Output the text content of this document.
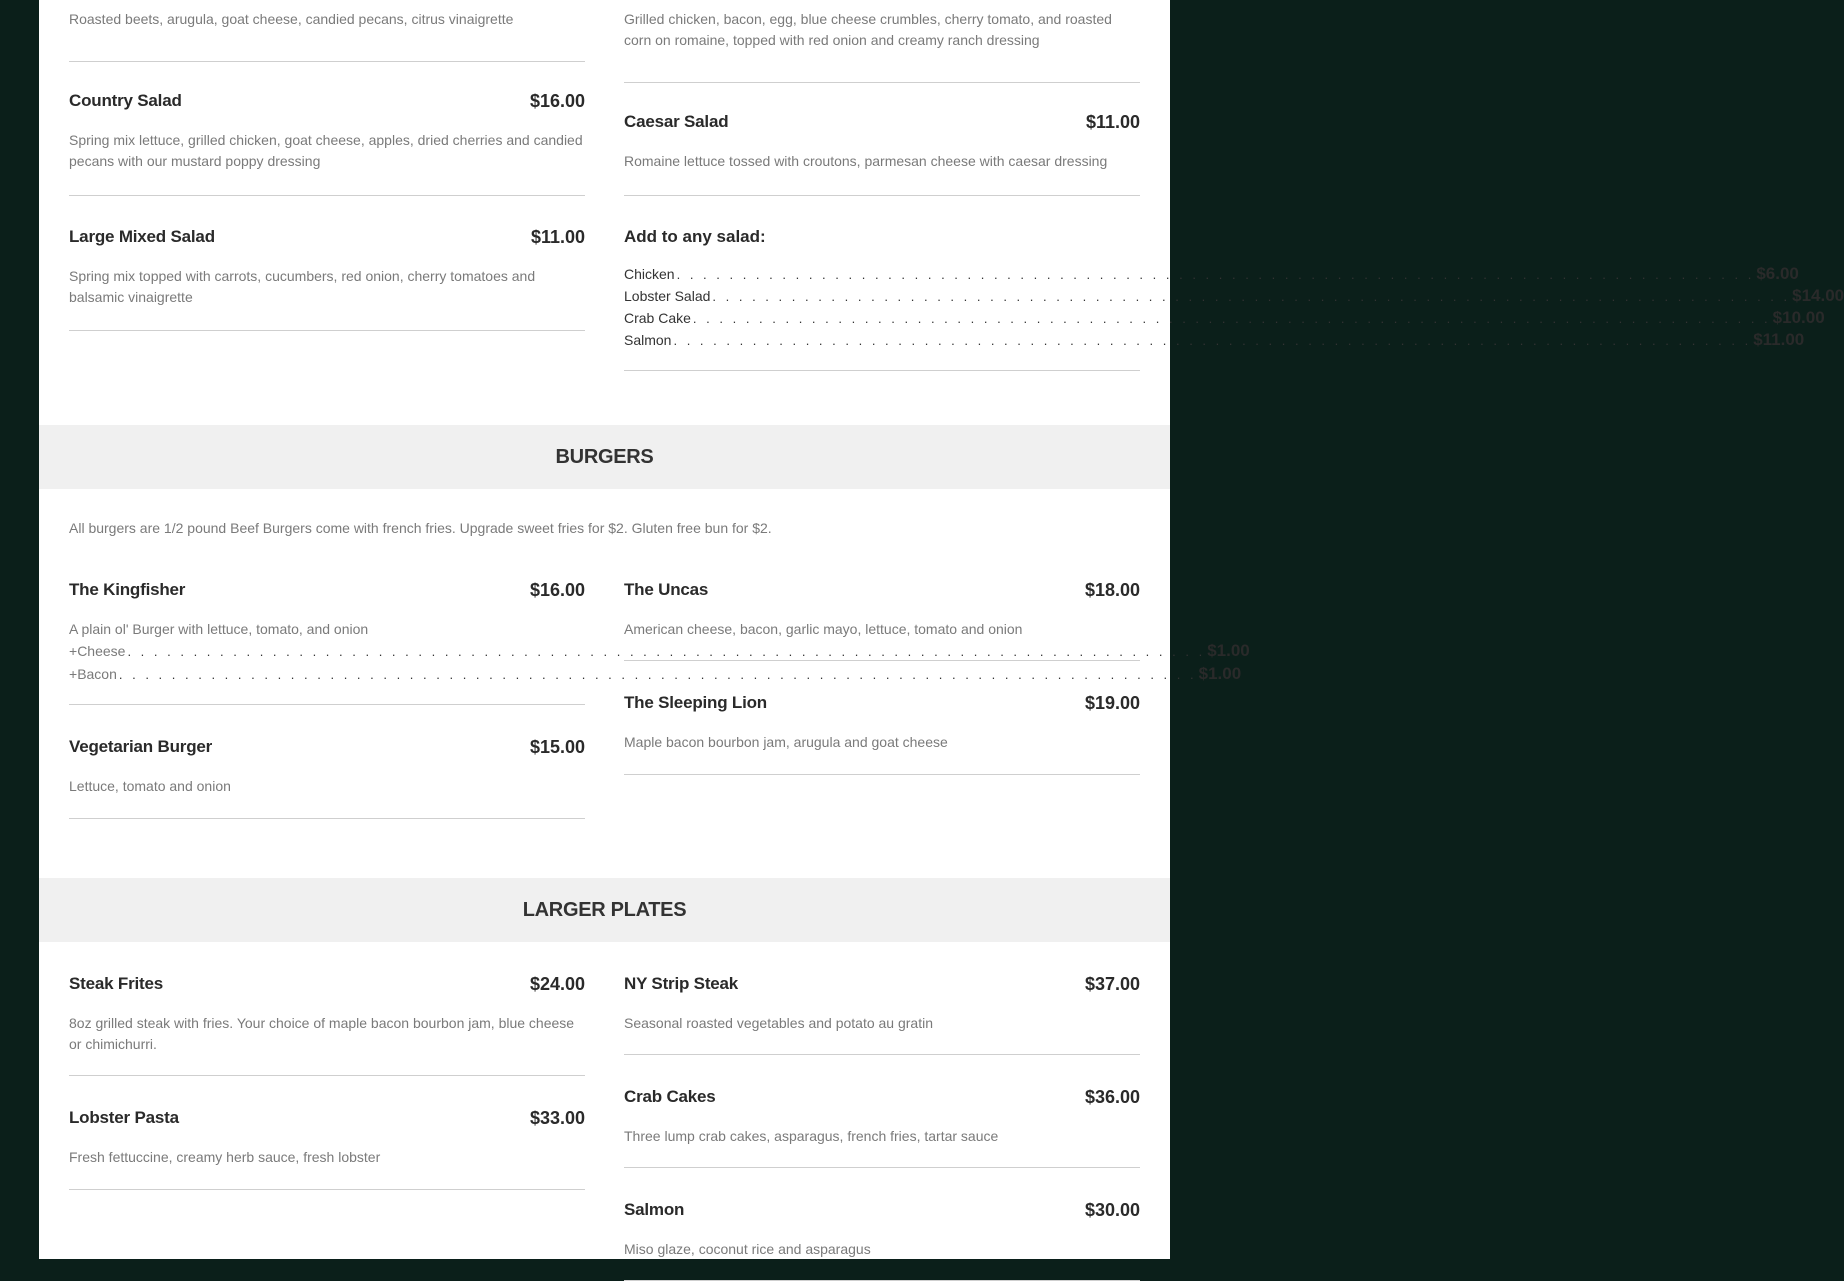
Roasted beets, arugula, goat cheese, candied pecans, citrus vinaigrette
Country Salad	$16.00
Spring mix lettuce, grilled chicken, goat cheese, apples, dried cherries and candied pecans with our mustard poppy dressing
Large Mixed Salad	$11.00
Spring mix topped with carrots, cucumbers, red onion, cherry tomatoes and balsamic vinaigrette
Grilled chicken, bacon, egg, blue cheese crumbles, cherry tomato, and roasted corn on romaine, topped with red onion and creamy ranch dressing
Caesar Salad	$11.00
Romaine lettuce tossed with croutons, parmesan cheese with caesar dressing
Add to any salad:
Chicken . . . . . . . . . . . . . . . . . . . . . . . . . . . . . . . . . . . . . . . . . . . . . . . . . . . . . . . . . . . . . . . . . . . . . . . . . . . . . . . . . . $6.00
Lobster Salad . . . . . . . . . . . . . . . . . . . . . . . . . . . . . . . . . . . . . . . . . . . . . . . . . . . . . . . . . . . . . . . . . . . . . . . . . . . . . . . . . . $14.00
Crab Cake . . . . . . . . . . . . . . . . . . . . . . . . . . . . . . . . . . . . . . . . . . . . . . . . . . . . . . . . . . . . . . . . . . . . . . . . . . . . . . . . . . $10.00
Salmon . . . . . . . . . . . . . . . . . . . . . . . . . . . . . . . . . . . . . . . . . . . . . . . . . . . . . . . . . . . . . . . . . . . . . . . . . . . . . . . . . . $11.00
BURGERS
All burgers are 1/2 pound Beef Burgers come with french fries. Upgrade sweet fries for $2. Gluten free bun for $2.
The Kingfisher	$16.00
A plain ol' Burger with lettuce, tomato, and onion
+ Cheese . . . . . . . . . . . . . . . . . . . . . . . . . . . . . . . . . . . . . . . . . . . . . . . . . . . . . . . . . . . . . . . . . . . . . . . . . . . . . . . . . . $1.00
+ Bacon . . . . . . . . . . . . . . . . . . . . . . . . . . . . . . . . . . . . . . . . . . . . . . . . . . . . . . . . . . . . . . . . . . . . . . . . . . . . . . . . . . $1.00
Vegetarian Burger	$15.00
Lettuce, tomato and onion
The Uncas	$18.00
American cheese, bacon, garlic mayo, lettuce, tomato and onion
The Sleeping Lion	$19.00
Maple bacon bourbon jam, arugula and goat cheese
LARGER PLATES
Steak Frites	$24.00
8oz grilled steak with fries. Your choice of maple bacon bourbon jam, blue cheese or chimichurri.
Lobster Pasta	$33.00
Fresh fettuccine, creamy herb sauce, fresh lobster
NY Strip Steak	$37.00
Seasonal roasted vegetables and potato au gratin
Crab Cakes	$36.00
Three lump crab cakes, asparagus, french fries, tartar sauce
Salmon	$30.00
Miso glaze, coconut rice and asparagus
